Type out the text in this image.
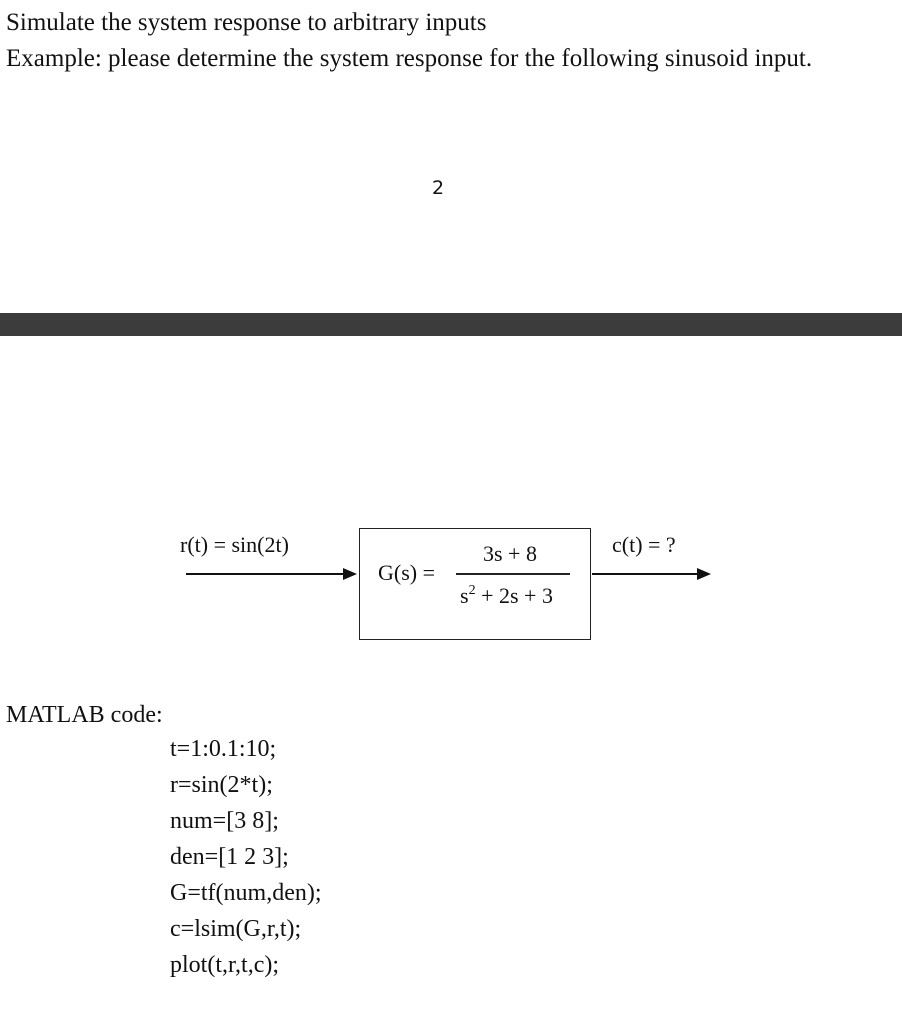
Simulate the system response to arbitrary inputs
Example: please determine the system response for the following sinusoid input.
2
r(t) = sin(2t)	c(t) = ?
G(s) =
3s + 8
$s^2 + 2s + 3$
MATLAB code:
t=1:0.1:10;
r=sin(2*t);
num=[3 8];
den=[1 2 3];
G=tf(num,den);
c=lsim(G,r,t);
plot(t,r,t,c);
